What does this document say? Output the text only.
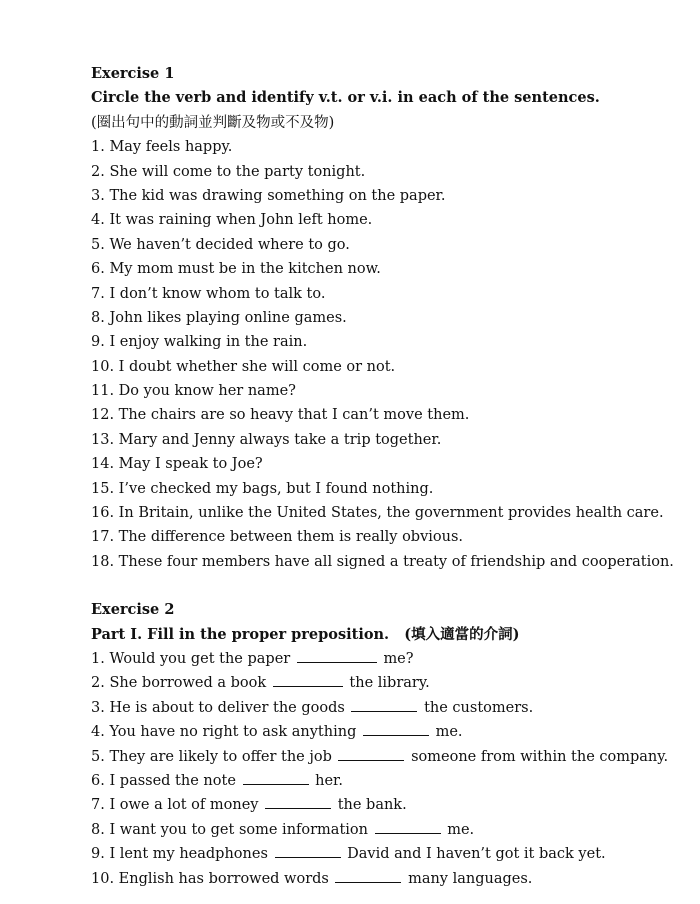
Exercise 1
Circle the verb and identify v.t. or v.i. in each of the sentences.
(圈出句中的動詞並判斷及物或不及物)
1. May feels happy.
2. She will come to the party tonight.
3. The kid was drawing something on the paper.
4. It was raining when John left home.
5. We haven’t decided where to go.
6. My mom must be in the kitchen now.
7. I don’t know whom to talk to.
8. John likes playing online games.
9. I enjoy walking in the rain.
10. I doubt whether she will come or not.
11. Do you know her name?
12. The chairs are so heavy that I can’t move them.
13. Mary and Jenny always take a trip together.
14. May I speak to Joe?
15. I’ve checked my bags, but I found nothing.
16. In Britain, unlike the United States, the government provides health care.
17. The difference between them is really obvious.
18. These four members have all signed a treaty of friendship and cooperation.
Exercise 2
Part I. Fill in the proper preposition. (填入適當的介詞)
1. Would you get the paper	me?
2. She borrowed a book	the library.
3. He is about to deliver the goods	the customers.
4. You have no right to ask anything	me.
5. They are likely to offer the job	someone from within the company.
6. I passed the note	her.
7. I owe a lot of money	the bank.
8. I want you to get some information	me.
9. I lent my headphones	David and I haven’t got it back yet.
10. English has borrowed words	many languages.
